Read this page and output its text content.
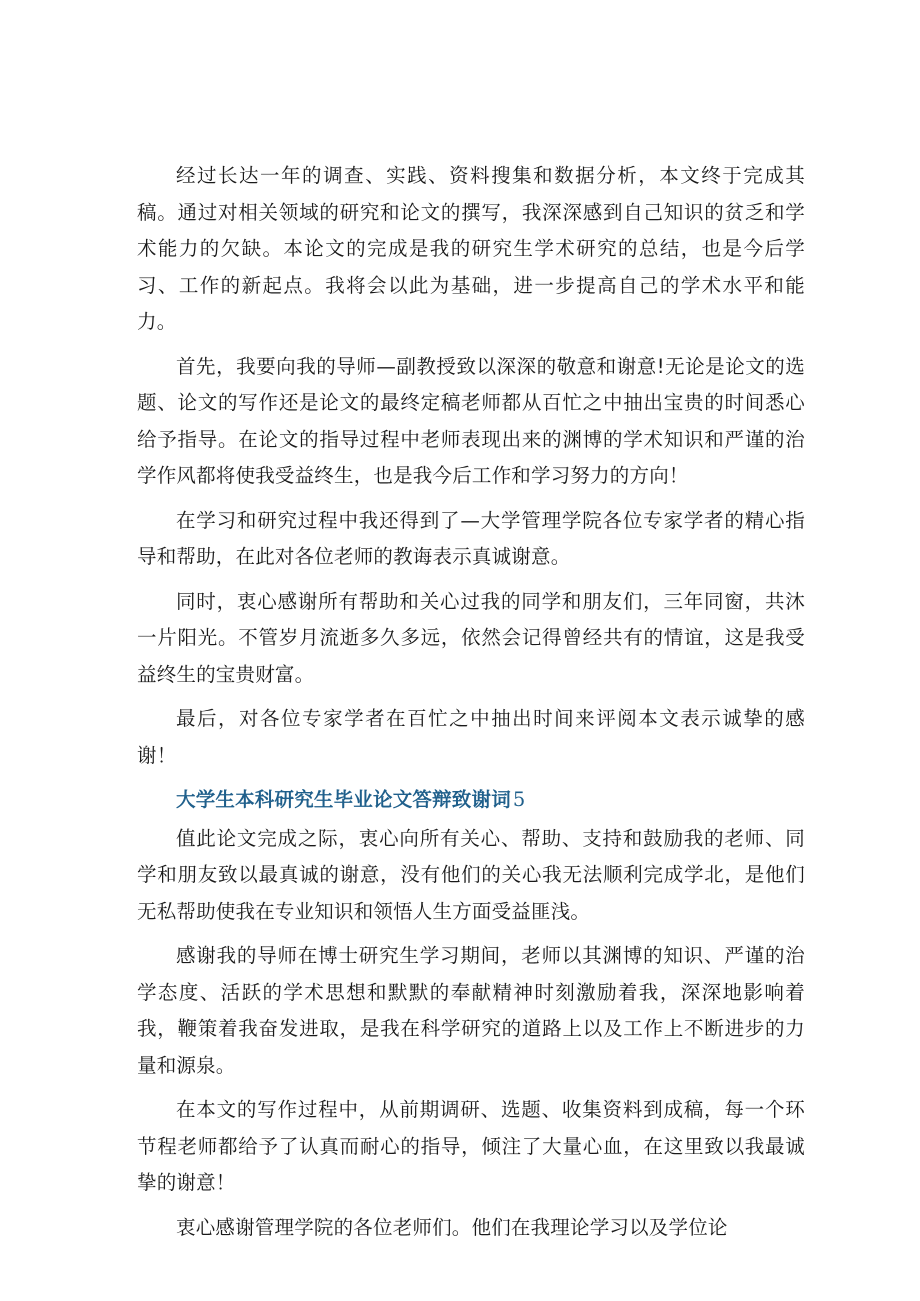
经过长达一年的调查、实践、资料搜集和数据分析，本文终于完成其稿。通过对相关领域的研究和论文的撰写，我深深感到自己知识的贫乏和学术能力的欠缺。本论文的完成是我的研究生学术研究的总结，也是今后学习、工作的新起点。我将会以此为基础，进一步提高自己的学术水平和能力。

首先，我要向我的导师—副教授致以深深的敬意和谢意!无论是论文的选题、论文的写作还是论文的最终定稿老师都从百忙之中抽出宝贵的时间悉心给予指导。在论文的指导过程中老师表现出来的渊博的学术知识和严谨的治学作风都将使我受益终生，也是我今后工作和学习努力的方向！

在学习和研究过程中我还得到了—大学管理学院各位专家学者的精心指导和帮助，在此对各位老师的教诲表示真诚谢意。

同时，衷心感谢所有帮助和关心过我的同学和朋友们，三年同窗，共沐一片阳光。不管岁月流逝多久多远，依然会记得曾经共有的情谊，这是我受益终生的宝贵财富。

最后，对各位专家学者在百忙之中抽出时间来评阅本文表示诚挚的感谢！

大学生本科研究生毕业论文答辩致谢词 5

值此论文完成之际，衷心向所有关心、帮助、支持和鼓励我的老师、同学和朋友致以最真诚的谢意，没有他们的关心我无法顺利完成学北，是他们无私帮助使我在专业知识和领悟人生方面受益匪浅。

感谢我的导师在博士研究生学习期间，老师以其渊博的知识、严谨的治学态度、活跃的学术思想和默默的奉献精神时刻激励着我，深深地影响着我，鞭策着我奋发进取，是我在科学研究的道路上以及工作上不断进步的力量和源泉。

在本文的写作过程中，从前期调研、选题、收集资料到成稿，每一个环节程老师都给予了认真而耐心的指导，倾注了大量心血，在这里致以我最诚挚的谢意！

衷心感谢管理学院的各位老师们。他们在我理论学习以及学位论
